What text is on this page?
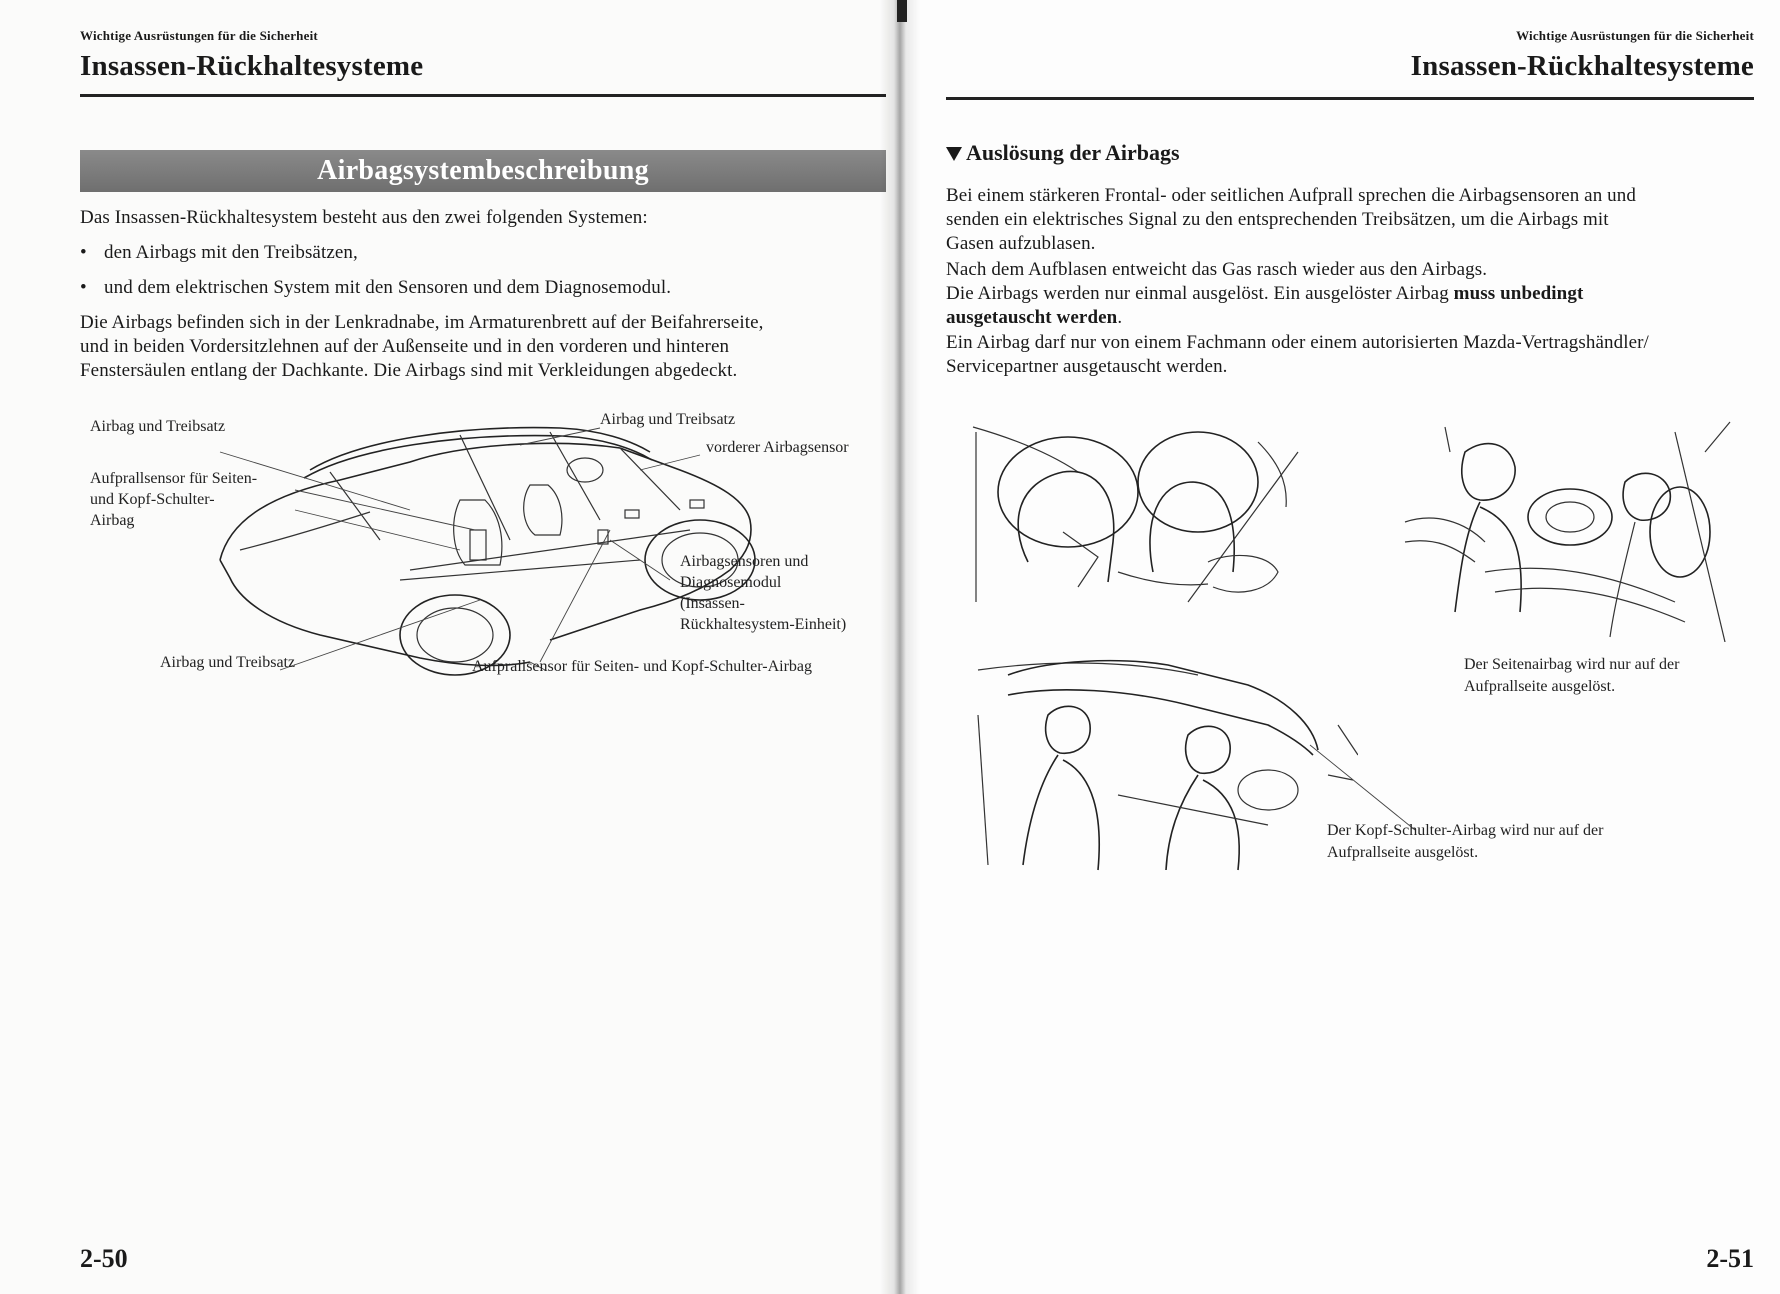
Wichtige Ausrüstungen für die Sicherheit
Insassen-Rückhaltesysteme
Airbagsystembeschreibung
Das Insassen-Rückhaltesystem besteht aus den zwei folgenden Systemen:
• den Airbags mit den Treibsätzen,
• und dem elektrischen System mit den Sensoren und dem Diagnosemodul.
Die Airbags befinden sich in der Lenkradnabe, im Armaturenbrett auf der Beifahrerseite,
und in beiden Vordersitzlehnen auf der Außenseite und in den vorderen und hinteren
Fenstersäulen entlang der Dachkante. Die Airbags sind mit Verkleidungen abgedeckt.
Airbag und Treibsatz	Airbag und Treibsatz
vorderer Airbagsensor
Aufprallsensor für Seiten-
und Kopf-Schulter-
Airbag
Airbagsensoren und
Diagnosemodul
(Insassen-
Rückhaltesystem-Einheit)
Airbag und Treibsatz	Aufprallsensor für Seiten- und Kopf-Schulter-Airbag
2-50
Wichtige Ausrüstungen für die Sicherheit
Insassen-Rückhaltesysteme
Auslösung der Airbags
Bei einem stärkeren Frontal- oder seitlichen Aufprall sprechen die Airbagsensoren an und
senden ein elektrisches Signal zu den entsprechenden Treibsätzen, um die Airbags mit
Gasen aufzublasen.
Nach dem Aufblasen entweicht das Gas rasch wieder aus den Airbags.
Die Airbags werden nur einmal ausgelöst. Ein ausgelöster Airbag muss unbedingt
ausgetauscht werden.
Ein Airbag darf nur von einem Fachmann oder einem autorisierten Mazda-Vertragshändler/
Servicepartner ausgetauscht werden.
Der Seitenairbag wird nur auf der
Aufprallseite ausgelöst.
Der Kopf-Schulter-Airbag wird nur auf der
Aufprallseite ausgelöst.
2-51
